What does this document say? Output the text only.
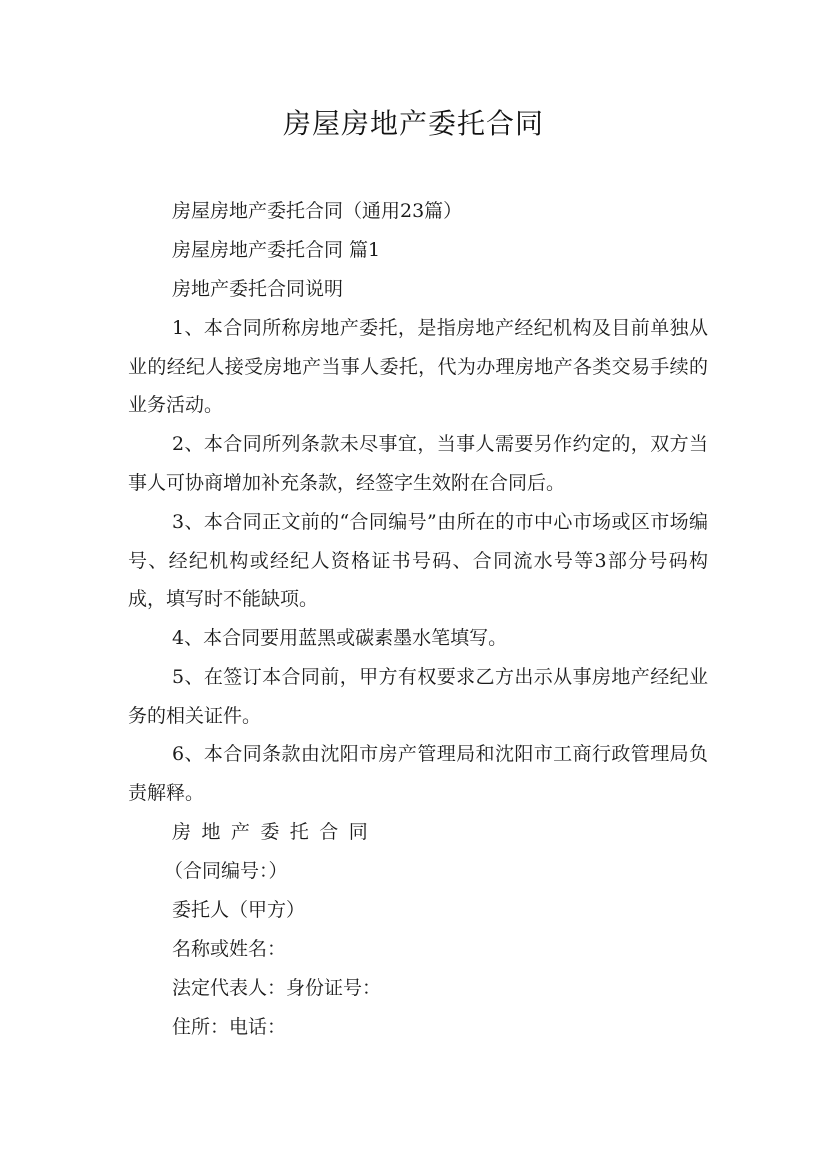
房屋房地产委托合同
房屋房地产委托合同（通用23篇）
房屋房地产委托合同 篇1
房地产委托合同说明
1、本合同所称房地产委托，是指房地产经纪机构及目前单独从业的经纪人接受房地产当事人委托，代为办理房地产各类交易手续的业务活动。
2、本合同所列条款未尽事宜，当事人需要另作约定的，双方当事人可协商增加补充条款，经签字生效附在合同后。
3、本合同正文前的“合同编号”由所在的市中心市场或区市场编号、经纪机构或经纪人资格证书号码、合同流水号等3部分号码构成，填写时不能缺项。
4、本合同要用蓝黑或碳素墨水笔填写。
5、在签订本合同前，甲方有权要求乙方出示从事房地产经纪业务的相关证件。
6、本合同条款由沈阳市房产管理局和沈阳市工商行政管理局负责解释。
房地产委托合同
（合同编号：）
委托人（甲方）
名称或姓名：
法定代表人：身份证号：
住所：电话：
